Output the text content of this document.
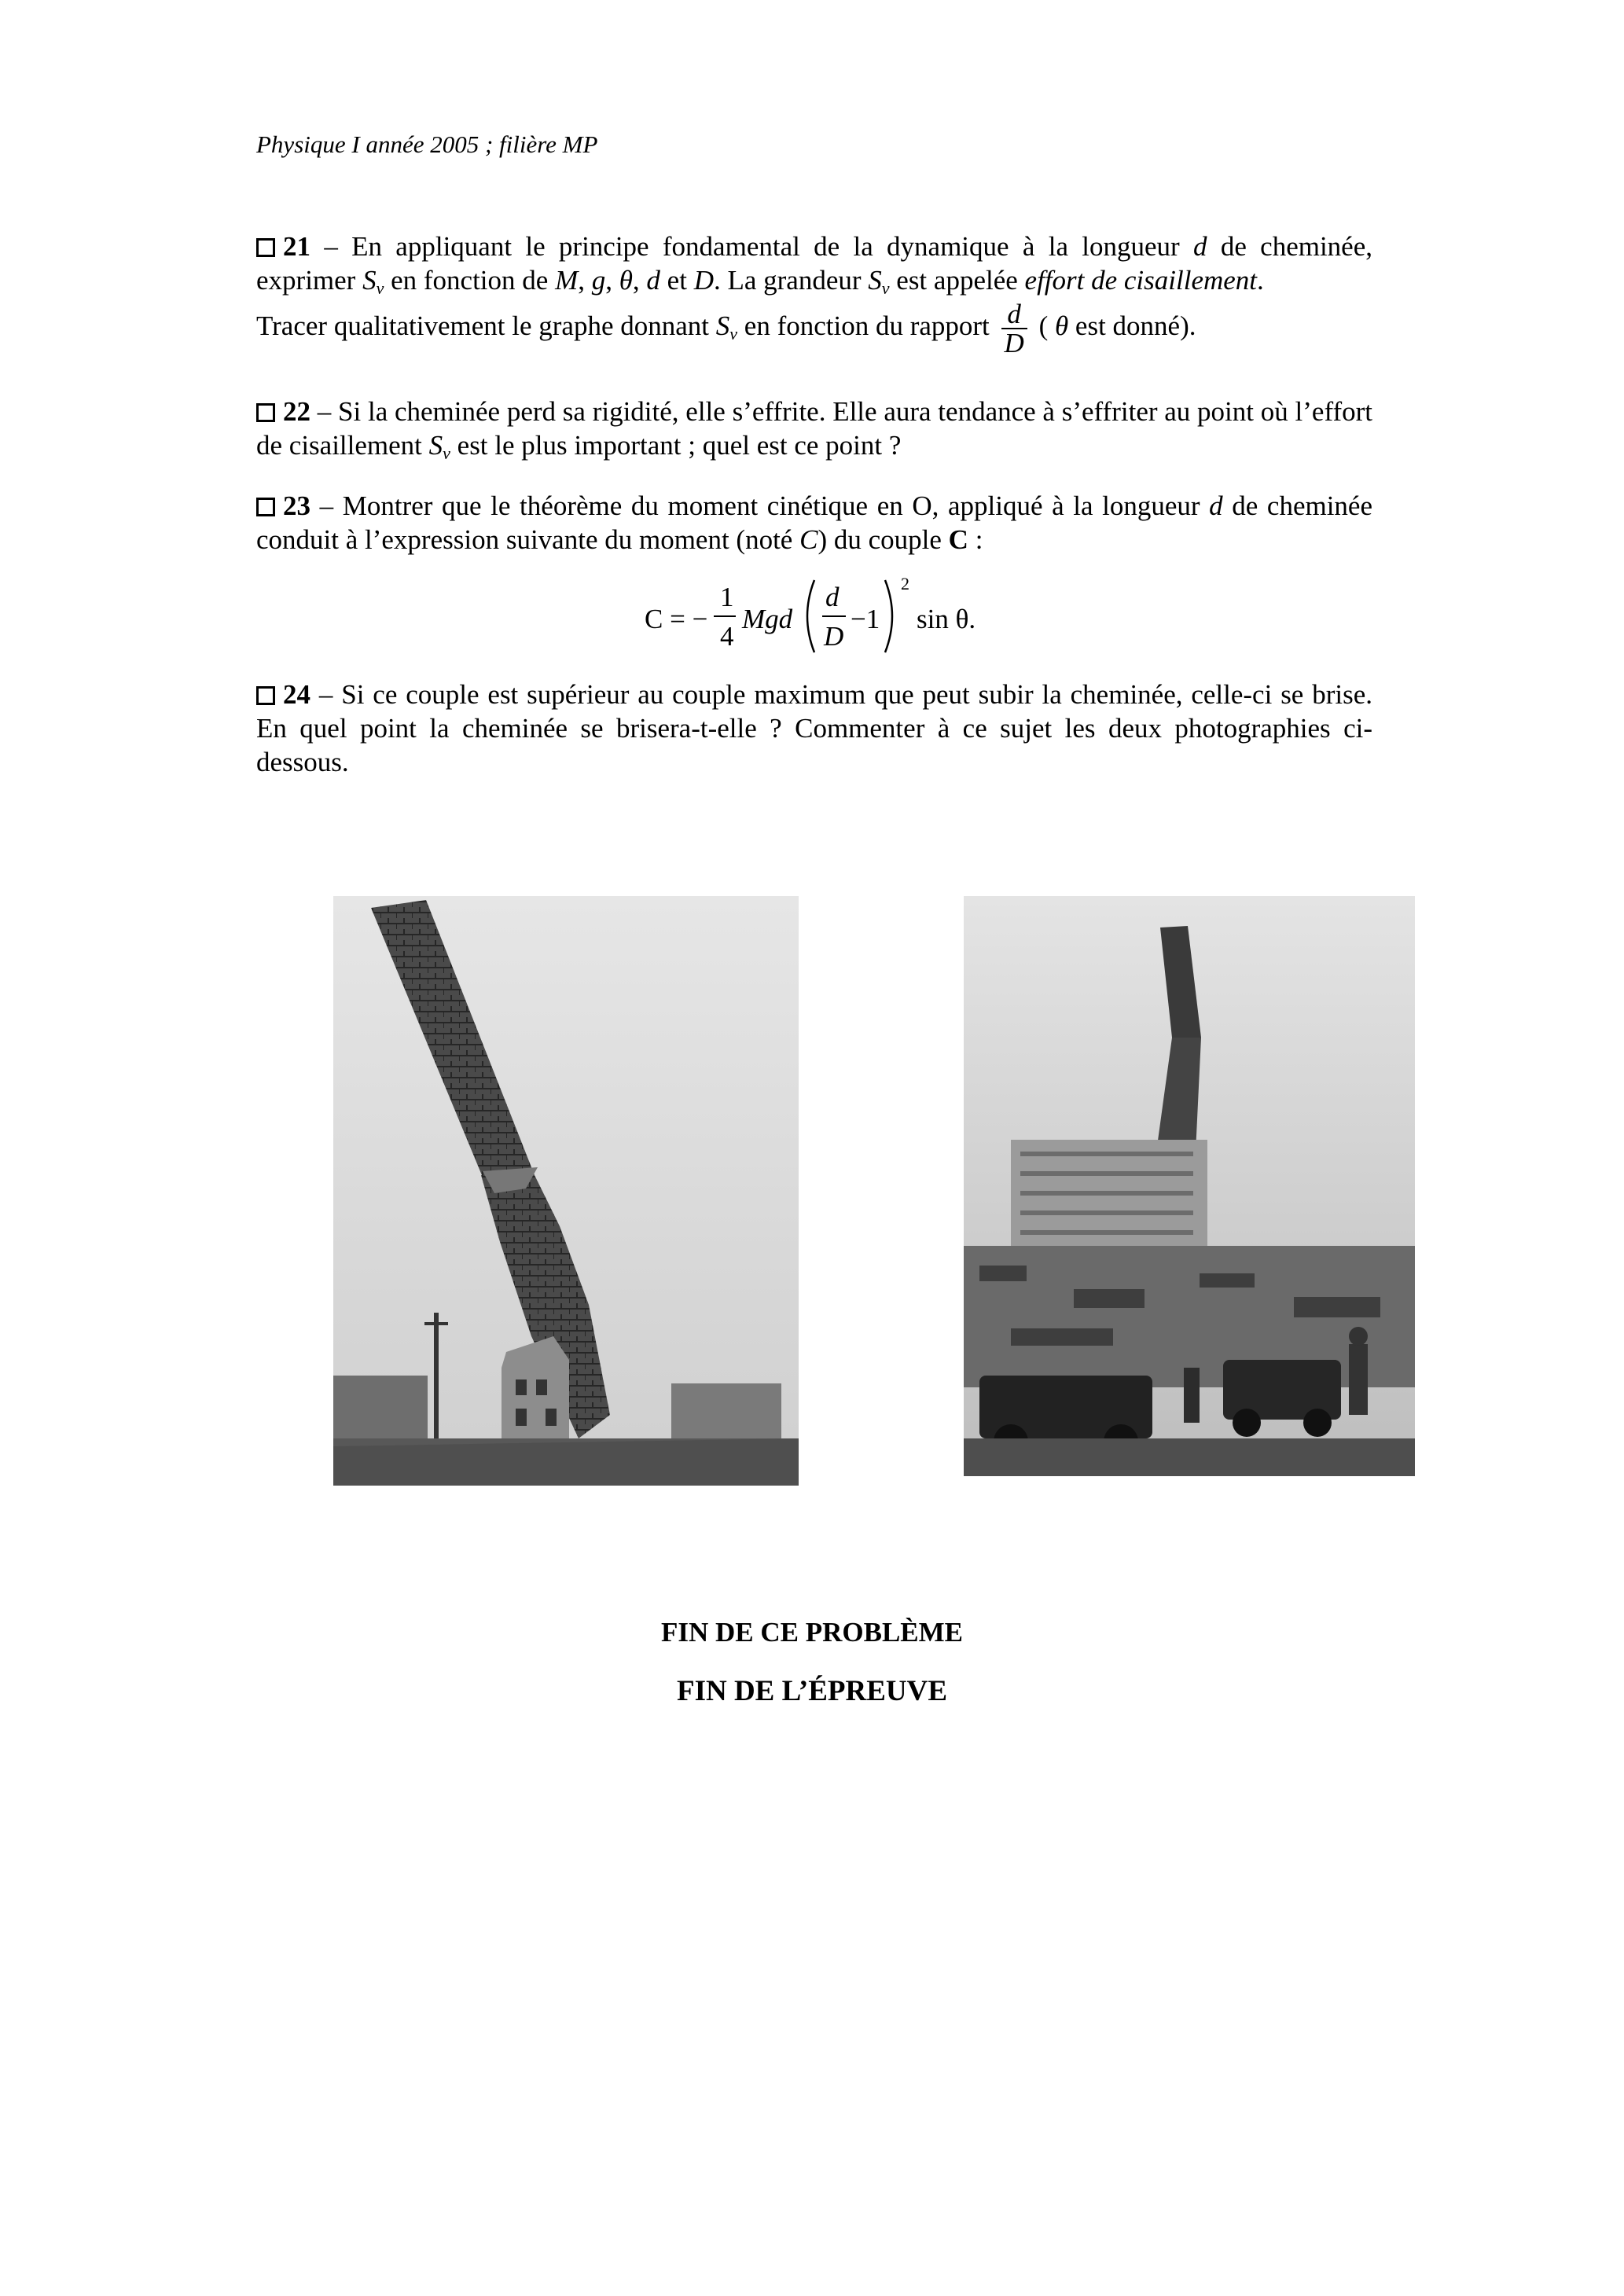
Physique I année 2005 ; filière MP

21 – En appliquant le principe fondamental de la dynamique à la longueur d de cheminée, exprimer $S_v$ en fonction de M, g, θ, d et D. La grandeur $S_v$ est appelée effort de cisaillement.

Tracer qualitativement le graphe donnant $S_v$ en fonction du rapport $\frac{d}{D}$ ( θ est donné).

22 – Si la cheminée perd sa rigidité, elle s’effrite. Elle aura tendance à s’effriter au point où l’effort de cisaillement $S_v$ est le plus important ; quel est ce point ?

23 – Montrer que le théorème du moment cinétique en O, appliqué à la longueur d de cheminée conduit à l’expression suivante du moment (noté C) du couple C :

C = −
1
4
Mgd
d
D
−1
2
sin θ.

24 – Si ce couple est supérieur au couple maximum que peut subir la cheminée, celle-ci se brise. En quel point la cheminée se brisera-t-elle ? Commenter à ce sujet les deux photographies ci-dessous.

FIN DE CE PROBLÈME
FIN DE L’ÉPREUVE
